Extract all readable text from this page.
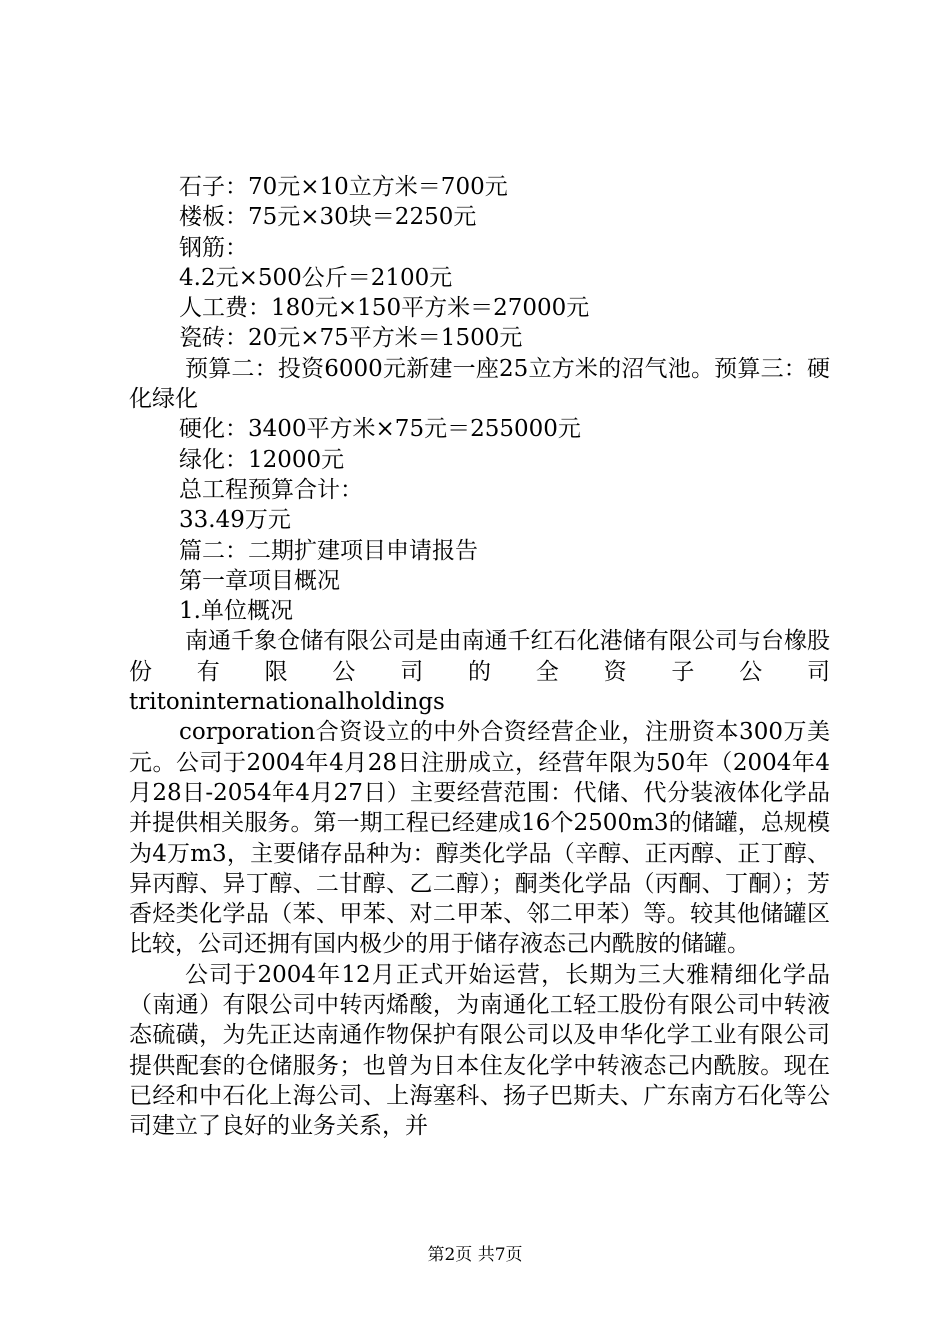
石子：70元×10立方米＝700元

楼板：75元×30块＝2250元

钢筋：

4.2元×500公斤＝2100元

人工费：180元×150平方米＝27000元

瓷砖：20元×75平方米＝1500元

预算二：投资6000元新建一座25立方米的沼气池。预算三：硬化绿化

硬化：3400平方米×75元＝255000元

绿化：12000元

总工程预算合计：

33.49万元

篇二：二期扩建项目申请报告

第一章项目概况

1.单位概况

南通千象仓储有限公司是由南通千红石化港储有限公司与台橡股份有限公司的全资子公司

tritoninternationalholdings

corporation合资设立的中外合资经营企业，注册资本300万美元。公司于2004年4月28日注册成立，经营年限为50年（2004年4月28日-2054年4月27日）主要经营范围：代储、代分装液体化学品并提供相关服务。第一期工程已经建成16个2500m3的储罐，总规模为4万m3，主要储存品种为：醇类化学品（辛醇、正丙醇、正丁醇、异丙醇、异丁醇、二甘醇、乙二醇）；酮类化学品（丙酮、丁酮）；芳香烃类化学品（苯、甲苯、对二甲苯、邻二甲苯）等。较其他储罐区比较，公司还拥有国内极少的用于储存液态己内酰胺的储罐。

公司于2004年12月正式开始运营，长期为三大雅精细化学品（南通）有限公司中转丙烯酸，为南通化工轻工股份有限公司中转液态硫磺，为先正达南通作物保护有限公司以及申华化学工业有限公司提供配套的仓储服务；也曾为日本住友化学中转液态己内酰胺。现在已经和中石化上海公司、上海塞科、扬子巴斯夫、广东南方石化等公司建立了良好的业务关系，并

第2页 共7页
